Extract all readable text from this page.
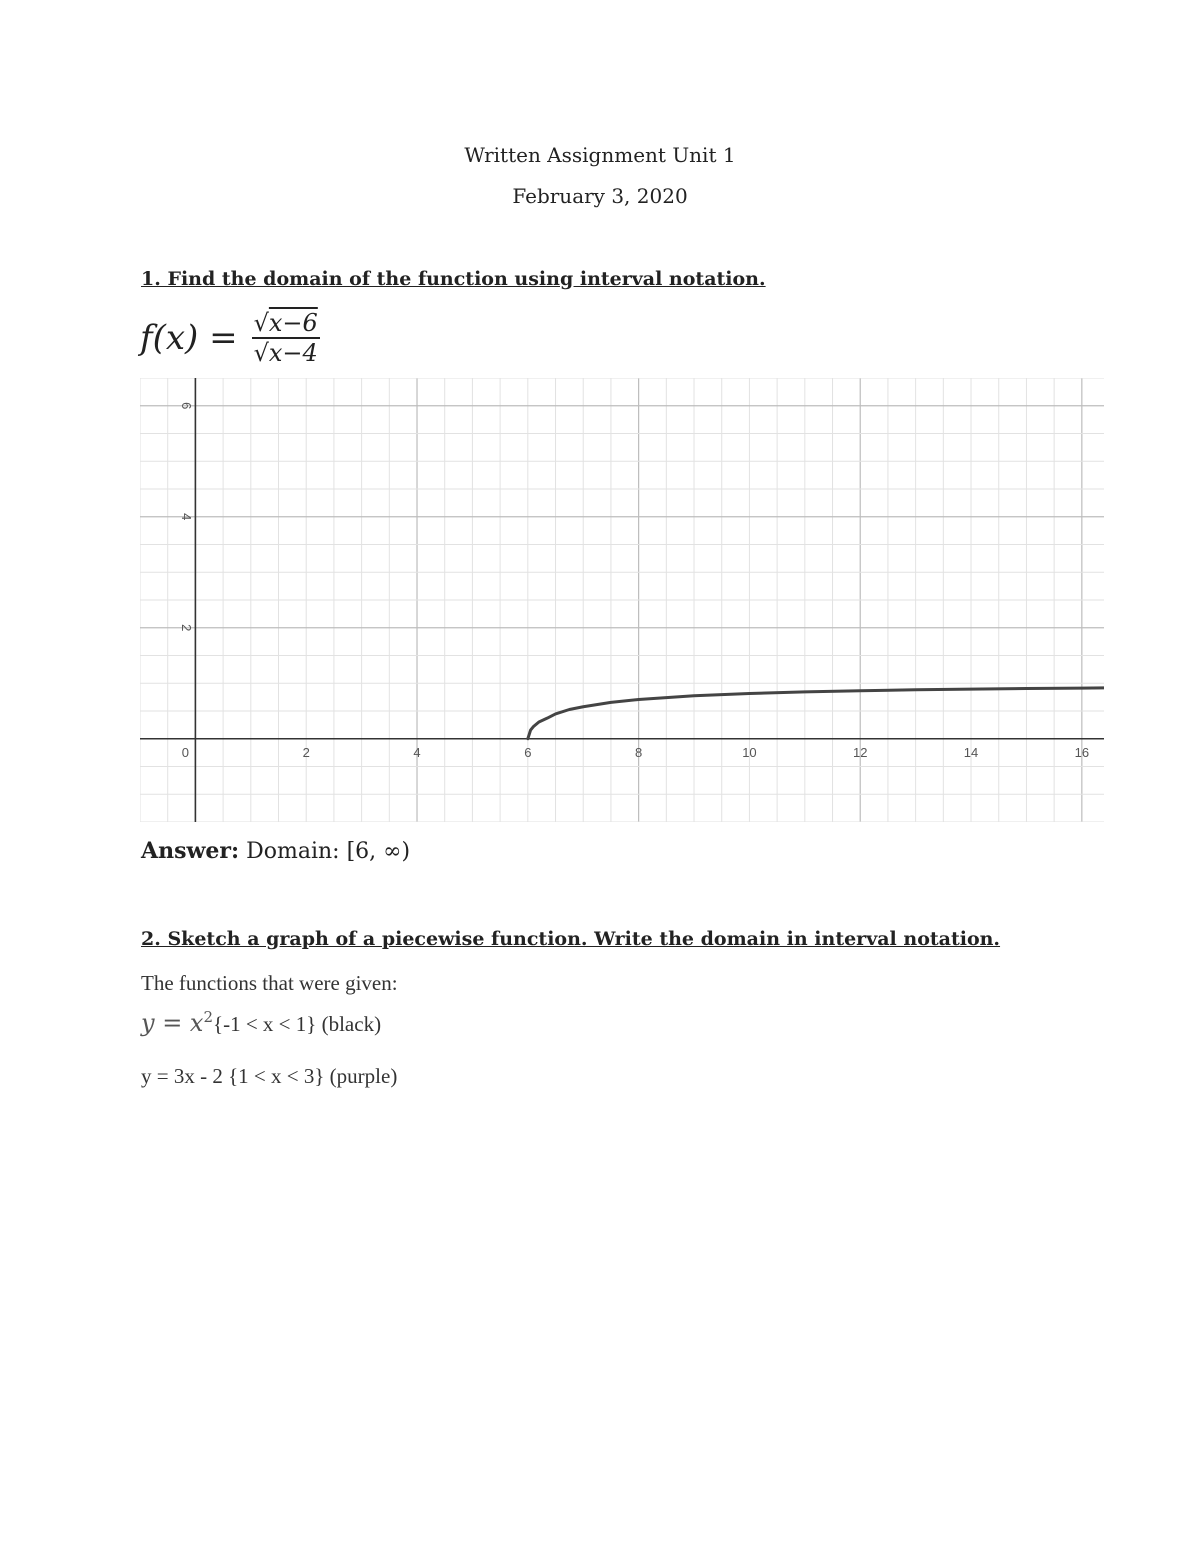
Written Assignment Unit 1
February 3, 2020
1. Find the domain of the function using interval notation.
$f(x) = \frac{√x-6}{√x-4}$
0	2	4	6	8	10	12	14	16
2
4
6
Answer: Domain: [6, ∞)
2. Sketch a graph of a piecewise function. Write the domain in interval notation.
The functions that were given:
$y = x^2$ {-1 < x < 1} (black)
y = 3x - 2 {1 < x < 3} (purple)
